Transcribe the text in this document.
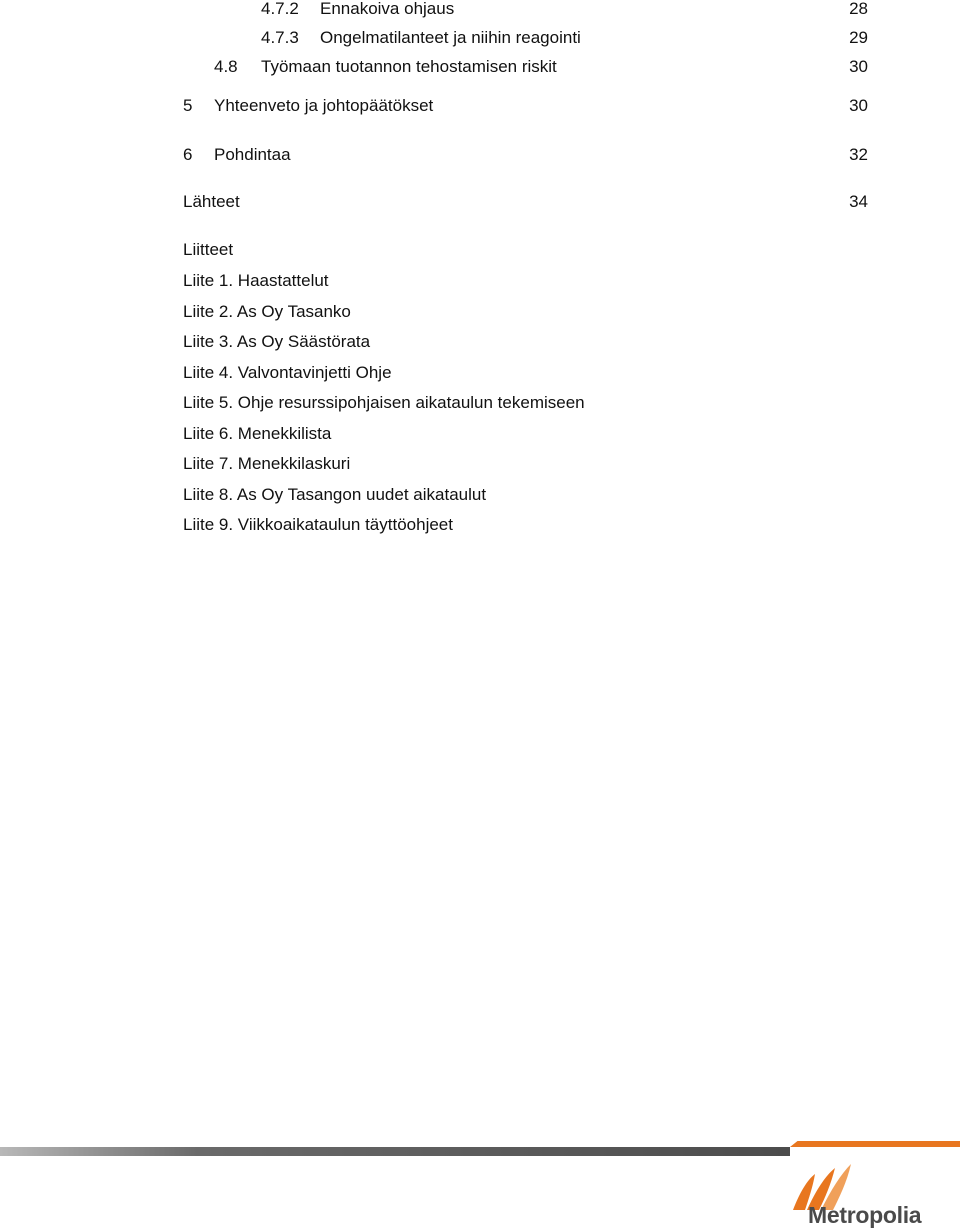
4.7.2 Ennakoiva ohjaus	28
4.7.3 Ongelmatilanteet ja niihin reagointi	29
4.8 Työmaan tuotannon tehostamisen riskit	30
5 Yhteenveto ja johtopäätökset	30
6 Pohdintaa	32
Lähteet	34
Liitteet
Liite 1. Haastattelut
Liite 2. As Oy Tasanko
Liite 3. As Oy Säästörata
Liite 4. Valvontavinjetti Ohje
Liite 5. Ohje resurssipohjaisen aikataulun tekemiseen
Liite 6. Menekkilista
Liite 7. Menekkilaskuri
Liite 8. As Oy Tasangon uudet aikataulut
Liite 9. Viikkoaikataulun täyttöohjeet
Metropolia
